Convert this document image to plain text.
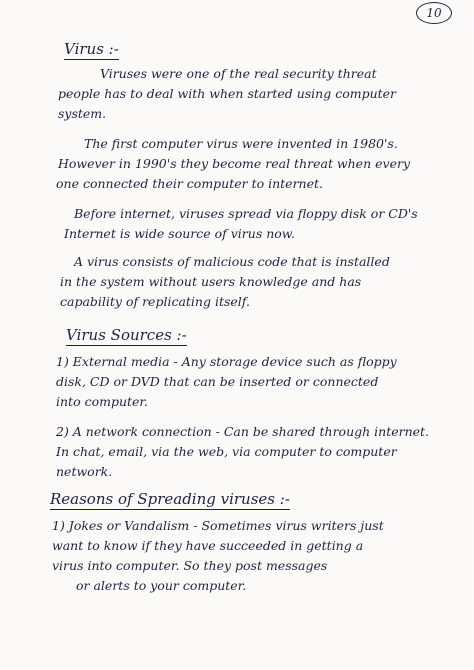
10
Virus :-
Viruses were one of the real security threat
people has to deal with when started using computer
system.
The first computer virus were invented in 1980's.
However in 1990's they become real threat when every
one connected their computer to internet.
Before internet, viruses spread via floppy disk or CD's
Internet is wide source of virus now.
A virus consists of malicious code that is installed
in the system without users knowledge and has
capability of replicating itself.
Virus Sources :-
1) External media - Any storage device such as floppy
disk, CD or DVD that can be inserted or connected
into computer.
2) A network connection - Can be shared through internet.
In chat, email, via the web, via computer to computer
network.
Reasons of Spreading viruses :-
1) Jokes or Vandalism - Sometimes virus writers just
want to know if they have succeeded in getting a
virus into computer. So they post messages
or alerts to your computer.
